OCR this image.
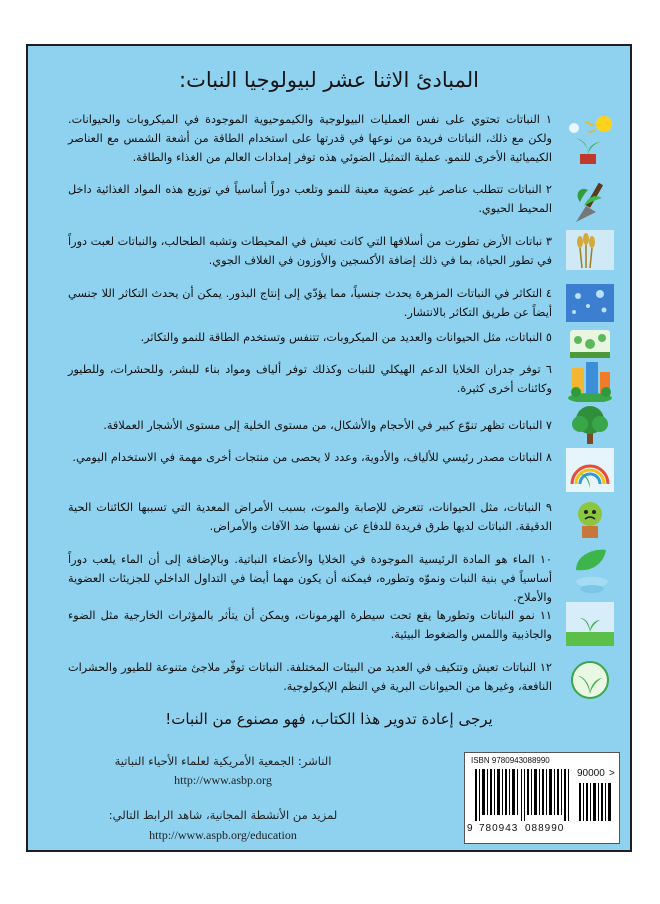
المبادئ الاثنا عشر لبيولوجيا النبات:
١ النباتات تحتوي على نفس العمليات البيولوجية والكيموحيوية الموجودة في الميكروبات والحيوانات. ولكن مع ذلك، النباتات فريدة من نوعها في قدرتها على استخدام الطاقة من أشعة الشمس مع العناصر الكيميائية الأخرى للنمو. عملية التمثيل الضوئي هذه توفر إمدادات العالم من الغذاء والطاقة.
٢ النباتات تتطلب عناصر غير عضوية معينة للنمو وتلعب دوراً أساسياً في توزيع هذه المواد الغذائية داخل المحيط الحيوي.
٣ نباتات الأرض تطورت من أسلافها التي كانت تعيش في المحيطات وتشبه الطحالب، والنباتات لعبت دوراً في تطور الحياة، بما في ذلك إضافة الأكسجين والأوزون في الغلاف الجوي.
٤ التكاثر في النباتات المزهرة يحدث جنسياً، مما يؤدّي إلى إنتاج البذور. يمكن أن يحدث التكاثر اللا جنسي أيضاً عن طريق التكاثر بالانتشار.
٥ النباتات، مثل الحيوانات والعديد من الميكروبات، تتنفس وتستخدم الطاقة للنمو والتكاثر.
٦ توفر جدران الخلايا الدعم الهيكلي للنبات وكذلك توفر ألياف ومواد بناء للبشر، وللحشرات، وللطيور وكائنات أخرى كثيرة.
٧ النباتات تظهر تنوّع كبير في الأحجام والأشكال، من مستوى الخلية إلى مستوى الأشجار العملاقة.
٨ النباتات مصدر رئيسي للألياف، والأدوية، وعدد لا يحصى من منتجات أخرى مهمة في الاستخدام اليومي.
٩ النباتات، مثل الحيوانات، تتعرض للإصابة والموت، بسبب الأمراض المعدية التي تسببها الكائنات الحية الدقيقة. النباتات لديها طرق فريدة للدفاع عن نفسها ضد الآفات والأمراض.
١٠ الماء هو المادة الرئيسية الموجودة في الخلايا والأعضاء النباتية. وبالإضافة إلى أن الماء يلعب دوراً أساسياً في بنية النبات ونموّه وتطوره، فيمكنه أن يكون مهما أيضا في التداول الداخلي للجزيئات العضوية والأملاح.
١١ نمو النباتات وتطورها يقع تحت سيطرة الهرمونات، ويمكن أن يتأثر بالمؤثرات الخارجية مثل الضوء والجاذبية واللمس والضغوط البيئية.
١٢ النباتات تعيش وتتكيف في العديد من البيئات المختلفة. النباتات توفّر ملاجئ متنوعة للطيور والحشرات النافعة، وغيرها من الحيوانات البرية في النظم الإيكولوجية.
يرجى إعادة تدوير هذا الكتاب، فهو مصنوع من النبات!
الناشر: الجمعية الأمريكية لعلماء الأحياء النباتية
http://www.asbp.org
لمزيد من الأنشطة المجانية، شاهد الرابط التالي:
http://www.aspb.org/education
ISBN 9780943088990
90000 >
9 780943 088990
